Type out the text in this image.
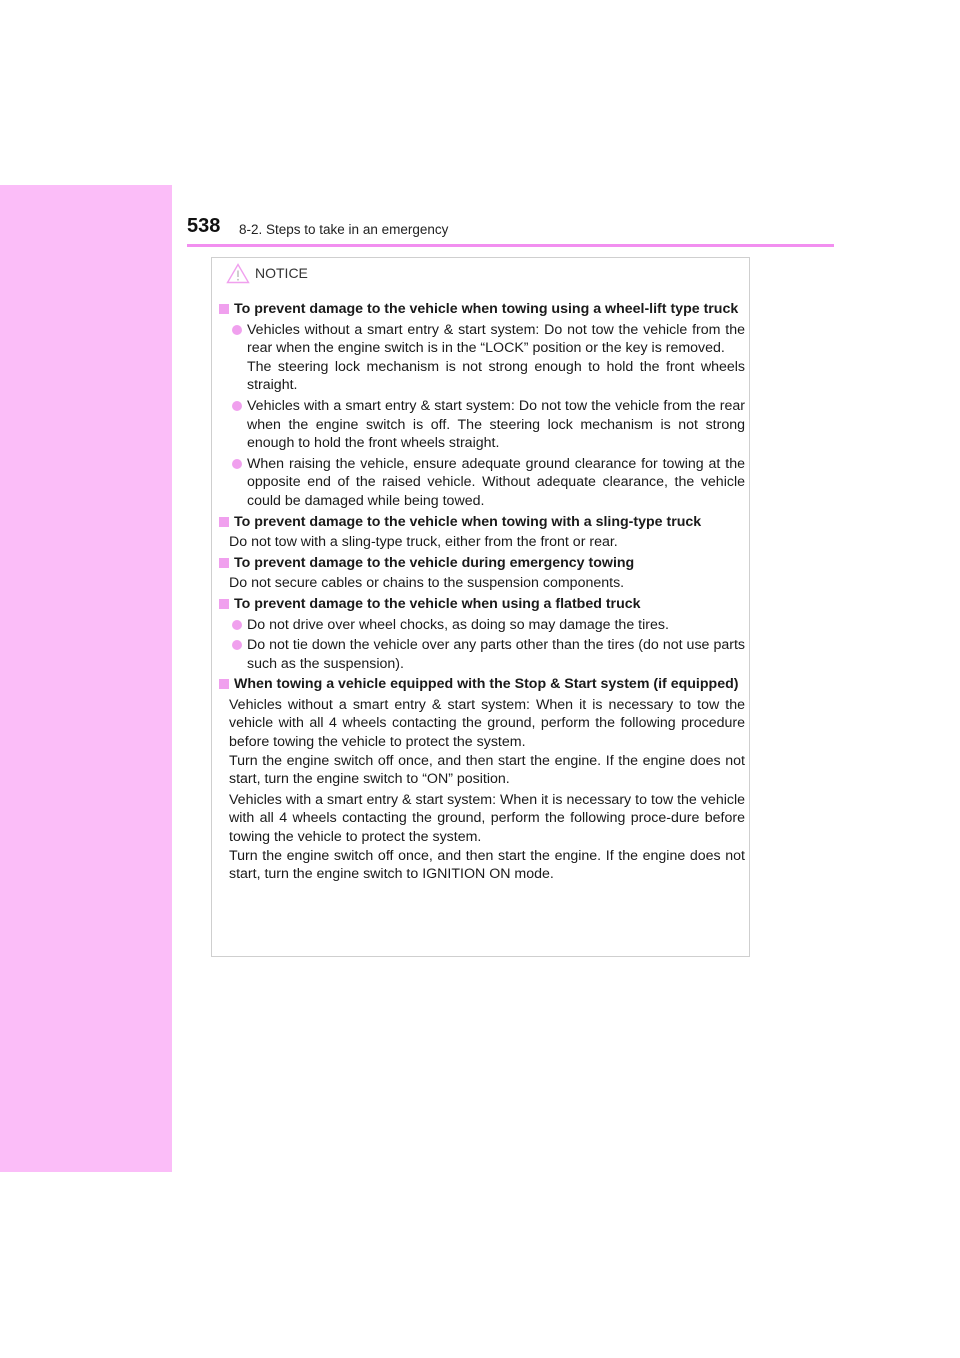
538 8-2. Steps to take in an emergency
NOTICE
To prevent damage to the vehicle when towing using a wheel-lift type truck
Vehicles without a smart entry & start system: Do not tow the vehicle from the rear when the engine switch is in the “LOCK” position or the key is removed.
The steering lock mechanism is not strong enough to hold the front wheels straight.
Vehicles with a smart entry & start system: Do not tow the vehicle from the rear when the engine switch is off. The steering lock mechanism is not strong enough to hold the front wheels straight.
When raising the vehicle, ensure adequate ground clearance for towing at the opposite end of the raised vehicle. Without adequate clearance, the vehicle could be damaged while being towed.
To prevent damage to the vehicle when towing with a sling-type truck
Do not tow with a sling-type truck, either from the front or rear.
To prevent damage to the vehicle during emergency towing
Do not secure cables or chains to the suspension components.
To prevent damage to the vehicle when using a flatbed truck
Do not drive over wheel chocks, as doing so may damage the tires.
Do not tie down the vehicle over any parts other than the tires (do not use parts such as the suspension).
When towing a vehicle equipped with the Stop & Start system (if equipped)
Vehicles without a smart entry & start system: When it is necessary to tow the vehicle with all 4 wheels contacting the ground, perform the following procedure before towing the vehicle to protect the system.
Turn the engine switch off once, and then start the engine. If the engine does not start, turn the engine switch to “ON” position.
Vehicles with a smart entry & start system: When it is necessary to tow the vehicle with all 4 wheels contacting the ground, perform the following proce-dure before towing the vehicle to protect the system.
Turn the engine switch off once, and then start the engine. If the engine does not start, turn the engine switch to IGNITION ON mode.
